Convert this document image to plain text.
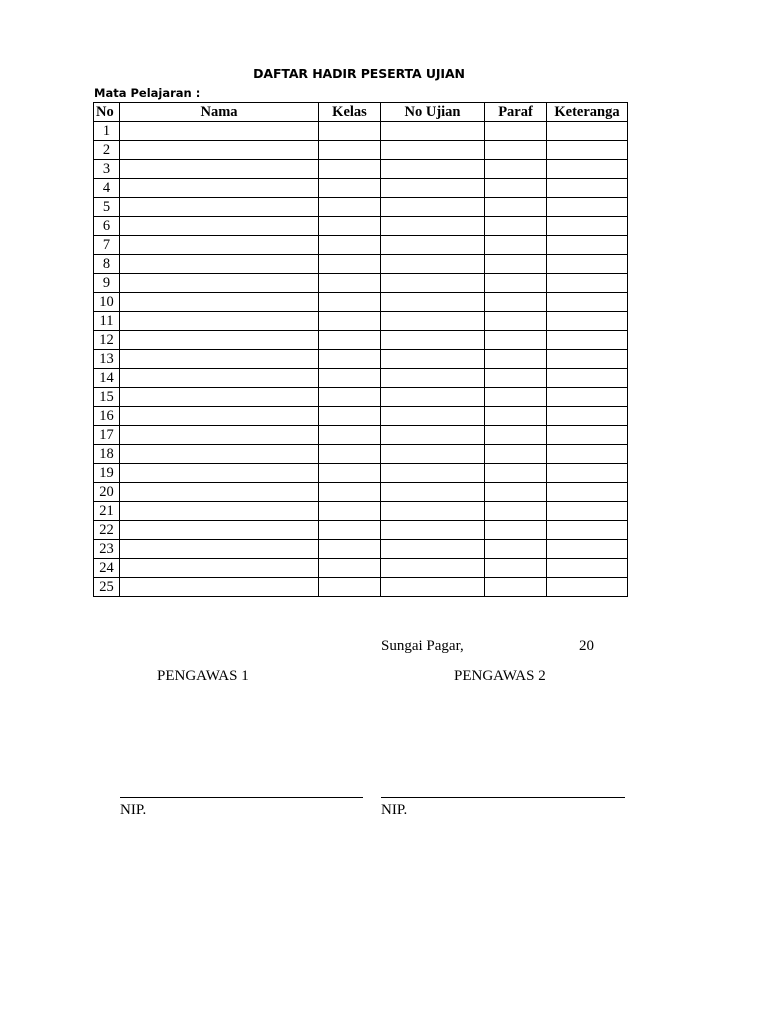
DAFTAR HADIR PESERTA UJIAN
Mata Pelajaran :
No	Nama	Kelas	No Ujian	Paraf	Keteranga
1					
2					
3					
4					
5					
6					
7					
8					
9					
10					
11					
12					
13					
14					
15					
16					
17					
18					
19					
20					
21					
22					
23					
24					
25					
Sungai Pagar,	20
PENGAWAS 1	PENGAWAS 2
NIP.	NIP.
